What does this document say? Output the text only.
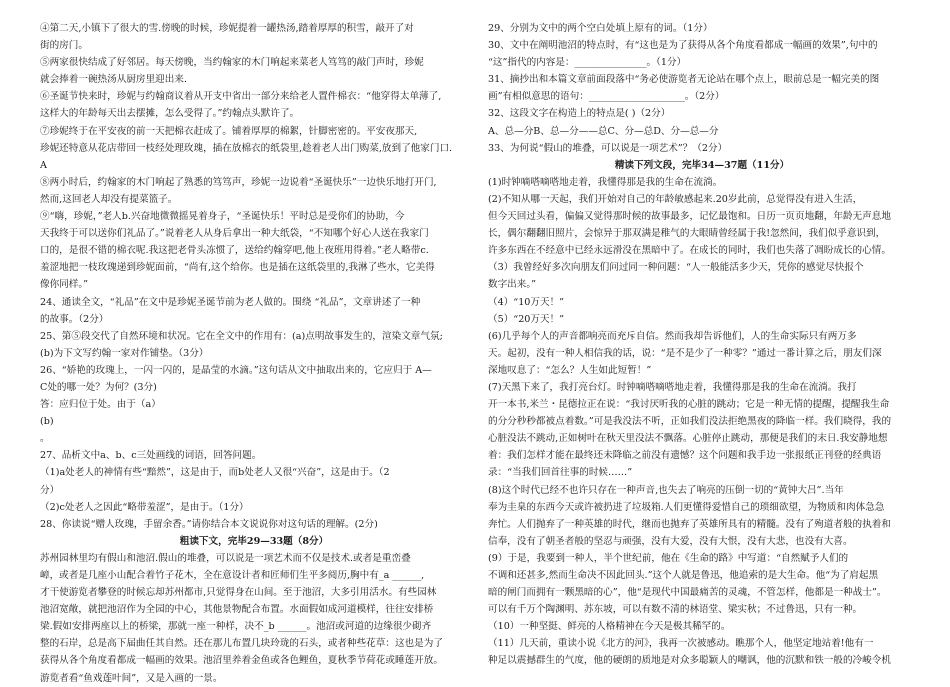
④第二天,小镇下了很大的雪.傍晚的时候，珍妮提着一罐热汤,踏着厚厚的积雪，敲开了对
街的房门。
⑤两家很快结成了好邻居。每天傍晚，当约翰家的木门响起来菜老人笃笃的敲门声时，珍妮
就会捧着一碗热汤从厨房里迎出来.
⑥圣诞节快来时，珍妮与约翰商议着从开支中省出一部分来给老人置件棉衣：“他穿得太单薄了,
这样大的年龄每天出去摆摊，怎么受得了。”约翰点头默许了。
⑦珍妮终于在平安夜的前一天把棉衣赶成了。铺着厚厚的棉絮，针脚密密的。平安夜那天,
珍妮还特意从花店带回一枝经处理玫瑰，插在放棉衣的纸袋里,趁着老人出门购菜,放到了他家门口.
A
⑧两小时后，约翰家的木门响起了熟悉的笃笃声，珍妮一边说着“圣诞快乐”一边快乐地打开门,
然而,这回老人却没有提菜篮子。
⑨“嗨，珍妮，”老人b.兴奋地微微摇晃着身子，“圣诞快乐！平时总是受你们的协助，今
天我终于可以送你们礼品了。”说着老人从身后拿出一种大纸袋，“不知哪个好心人送在我家门
口的，是很不错的棉衣呢.我这把老骨头冻惯了，送给约翰穿吧,他上夜班用得着。”老人略带c.
羞涩地把一枝玫瑰递到珍妮面前，“尚有,这个给你。也是插在这纸袋里的,我淋了些水，它美得
像你同样。”
24、通读全文，“礼品”在文中是珍妮圣诞节前为老人做的。围绕 “礼品”，文章讲述了一种
的故事。（2分）
25、第⑤段交代了自然环境和状况。它在全文中的作用有：(a)点明故事发生的，渲染文章气氛;
(b)为下文写约翰一家对作铺垫。（3分）
26、“娇艳的玫瑰上，一闪一闪的，是晶莹的水滴。”这句话从文中抽取出来的，它应归于 A—
C处的哪一处？为何？(3分)
答：应归位于处。由于（a）
(b)
。
27、品析文中a、b、c三处画线的词语，回答问题。
（1)a处老人的神情有些“黯然”，这是由于，而b处老人又很“兴奋”，这是由于。（2
分）
（2)c处老人之因此“略带羞涩”，是由于。（1分）
28、你读说“赠人玫瑰，手留余香。”请你结合本文说说你对这句话的理解。(2分)
粗读下文，完毕29—33题（8分）
苏州园林里均有假山和池沼.假山的堆叠，可以说是一项艺术而不仅是技术.或者是重峦叠
嶂，或者是几座小山配合着竹子花木，全在意设计者和匠师们生平多阅历,胸中有_a ______,
才干使游览者攀登的时候忘却苏州都市,只觉得身在山间。至于池沼，大多引用活水。有些园林
池沼宽敞，就把池沼作为全园的中心，其他景物配合布置。水面假如成河道模样，往往安排桥
梁.假如安排两座以上的桥梁，那就一座一种样，决不_b ______。池沼或河道的边缘很少砌齐
整的石岸，总是高下届曲任其自然。还在那儿布置几块玲珑的石头，或者种些花草：这也是为了
获得从各个角度看都成一幅画的效果。池沼里养着金鱼或各色鲤鱼，夏秋季节荷花或睡莲开放。
游览者看“鱼戏莲叶间”，又是入画的一景。
29、分别为文中的两个空白处填上原有的词。（1分）
30、文中在阐明池沼的特点时，有“这也是为了获得从各个角度看都成一幅画的效果”,句中的
“这”指代的内容是：_______________。（1分）
31、摘抄出和本篇文章前面段落中“务必使游览者无论站在哪个点上，眼前总是一幅完美的图
画”有相似意思的语句：____________________。（2分）
32、这段文字在构造上的特点是( )（2分）
A、总—分B、总—分——总C、分—总D、分—总—分
33、为何说“假山的堆叠，可以说是一项艺术”？（2分）
精读下列文段，完毕34—37题（11分）
(1)时钟嘀嗒嘀嗒地走着，我懂得那是我的生命在流淌。
(2)不知从哪一天起，我们开始对自己的年龄敏感起来.20岁此前，总觉得没有进入生活，
但今天回过头看，偏偏又觉得那时候的故事最多，记忆最饱和。日历一页页地翻，年龄无声息地
长，偶尔翻翻旧照片，会惊异于那双满是稚气的大眼睛曾经属于我!忽然间，我们似乎意识到，
许多东西在不经意中已经永远滑没在黑暗中了。在成长的同时，我们也失落了凋盼成长的心情。
（3）我曾经好多次向朋友们问过同一种问题：“人一般能活多少天，凭你的感觉尽快报个
数字出来。”
（4）“10万天！”
（5）“20万天！”
(6)几乎每个人的声音都响亮而充斥自信。然而我却告诉他们，人的生命实际只有两万多
天。起初，没有一种人相信我的话，说：“是不是少了一种零？”通过一番计算之后，朋友们深
深地叹息了：“怎么？人生如此短暂！”
(7)天黑下来了，我打亮台灯。时钟嘀嗒嘀嗒地走着，我懂得那是我的生命在流淌。我打
开一本书,米兰・昆德拉正在说：“我讨厌听我的心脏的跳动；它是一种无情的提醒，提醒我生命
的分分秒秒都被点着数。”可是我没法不听，正如我们没法拒绝黑夜的降临一样。我们晓得，我的
心脏没法不跳动,正如树叶在秋天里没法不飘落。心脏停止跳动，那便是我们的末日.我安静地想
着：我们怎样才能在最终还未降临之前没有遗憾？这个问题和我手边一张报纸正刊登的经典语
录：“当我们回首往事的时候……”
(8)这个时代已经不也许只存在一种声音,也失去了响亮的压倒一切的“黄钟大吕”.当年
奉为圭臬的东西今天或许被扔进了垃圾箱.人们更懂得爱惜自己的琐细欲望，为物质和肉体急急
奔忙。人们抛弃了一种英雄的时代，继而也抛弃了英雄所具有的精髓。没有了殉道者般的执着和
信奉，没有了朝圣者般的坚忍与顽强，没有大爱，没有大恨，没有大悲，也没有大喜。
(9）于是，我要到一种人，半个世纪前，他在《生命的路》中写道：“自然赋予人们的
不调和还甚多,然而生命决不因此回头.”这个人就是鲁迅，他追索的是大生命。他“为了肩起黑
暗的闸门而拥有一颗黑暗的心”，他“是现代中国最痛苦的灵魂，不管怎样，他都是一种战士”。
可以有千万个陶渊明、苏东坡，可以有数不清的林语堂、梁实秋；不过鲁迅，只有一种。
（10）一种坚挺、鲜亮的人格精神在今天是极其稀罕的。
（11）几天前，重读小说《北方的河》，我再一次被感动。瞧那个人，他坚定地站着!他有一
种足以震撼群生的气度，他的硬朗的质地是对众多聪颖人的嘲讽，他的沉默和铁一般的冷峻令机
